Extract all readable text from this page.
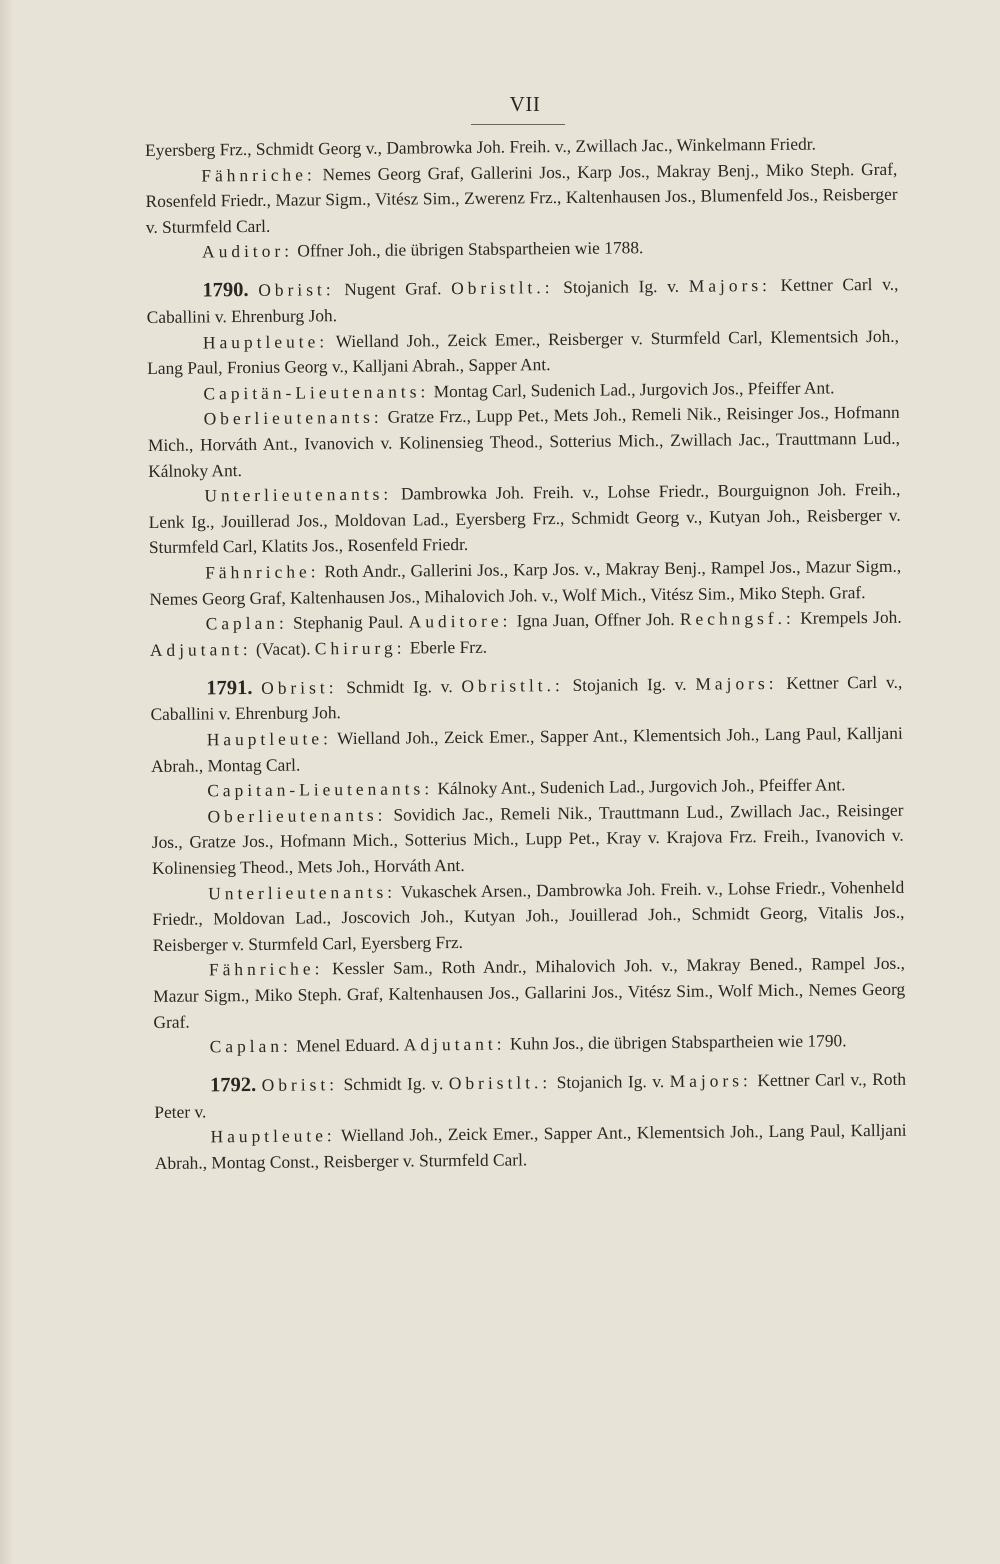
VII

Eyersberg Frz., Schmidt Georg v., Dambrowka Joh. Freih. v., Zwillach Jac., Winkelmann Friedr.

Fähnriche: Nemes Georg Graf, Gallerini Jos., Karp Jos., Makray Benj., Miko Steph. Graf, Rosenfeld Friedr., Mazur Sigm., Vitész Sim., Zwerenz Frz., Kaltenhausen Jos., Blumenfeld Jos., Reisberger v. Sturmfeld Carl.

Auditor: Offner Joh., die übrigen Stabspartheien wie 1788.

1790. Obrist: Nugent Graf. Obristlt.: Stojanich Ig. v. Majors: Kettner Carl v., Caballini v. Ehrenburg Joh.

Hauptleute: Wielland Joh., Zeick Emer., Reisberger v. Sturmfeld Carl, Klementsich Joh., Lang Paul, Fronius Georg v., Kalljani Abrah., Sapper Ant.

Capitän-Lieutenants: Montag Carl, Sudenich Lad., Jurgovich Jos., Pfeiffer Ant.

Oberlieutenants: Gratze Frz., Lupp Pet., Mets Joh., Remeli Nik., Reisinger Jos., Hofmann Mich., Horváth Ant., Ivanovich v. Kolinensieg Theod., Sotterius Mich., Zwillach Jac., Trauttmann Lud., Kálnoky Ant.

Unterlieutenants: Dambrowka Joh. Freih. v., Lohse Friedr., Bourguignon Joh. Freih., Lenk Ig., Jouillerad Jos., Moldovan Lad., Eyersberg Frz., Schmidt Georg v., Kutyan Joh., Reisberger v. Sturmfeld Carl, Klatits Jos., Rosenfeld Friedr.

Fähnriche: Roth Andr., Gallerini Jos., Karp Jos. v., Makray Benj., Rampel Jos., Mazur Sigm., Nemes Georg Graf, Kaltenhausen Jos., Mihalovich Joh. v., Wolf Mich., Vitész Sim., Miko Steph. Graf.

Caplan: Stephanig Paul. Auditore: Igna Juan, Offner Joh. Rechngsf.: Krempels Joh. Adjutant: (Vacat). Chirurg: Eberle Frz.

1791. Obrist: Schmidt Ig. v. Obristlt.: Stojanich Ig. v. Majors: Kettner Carl v., Caballini v. Ehrenburg Joh.

Hauptleute: Wielland Joh., Zeick Emer., Sapper Ant., Klementsich Joh., Lang Paul, Kalljani Abrah., Montag Carl.

Capitan-Lieutenants: Kálnoky Ant., Sudenich Lad., Jurgovich Joh., Pfeiffer Ant.

Oberlieutenants: Sovidich Jac., Remeli Nik., Trauttmann Lud., Zwillach Jac., Reisinger Jos., Gratze Jos., Hofmann Mich., Sotterius Mich., Lupp Pet., Kray v. Krajova Frz. Freih., Ivanovich v. Kolinensieg Theod., Mets Joh., Horváth Ant.

Unterlieutenants: Vukaschek Arsen., Dambrowka Joh. Freih. v., Lohse Friedr., Vohenheld Friedr., Moldovan Lad., Joscovich Joh., Kutyan Joh., Jouillerad Joh., Schmidt Georg, Vitalis Jos., Reisberger v. Sturmfeld Carl, Eyersberg Frz.

Fähnriche: Kessler Sam., Roth Andr., Mihalovich Joh. v., Makray Bened., Rampel Jos., Mazur Sigm., Miko Steph. Graf, Kaltenhausen Jos., Gallarini Jos., Vitész Sim., Wolf Mich., Nemes Georg Graf.

Caplan: Menel Eduard. Adjutant: Kuhn Jos., die übrigen Stabspartheien wie 1790.

1792. Obrist: Schmidt Ig. v. Obristlt.: Stojanich Ig. v. Majors: Kettner Carl v., Roth Peter v.

Hauptleute: Wielland Joh., Zeick Emer., Sapper Ant., Klementsich Joh., Lang Paul, Kalljani Abrah., Montag Const., Reisberger v. Sturmfeld Carl.
